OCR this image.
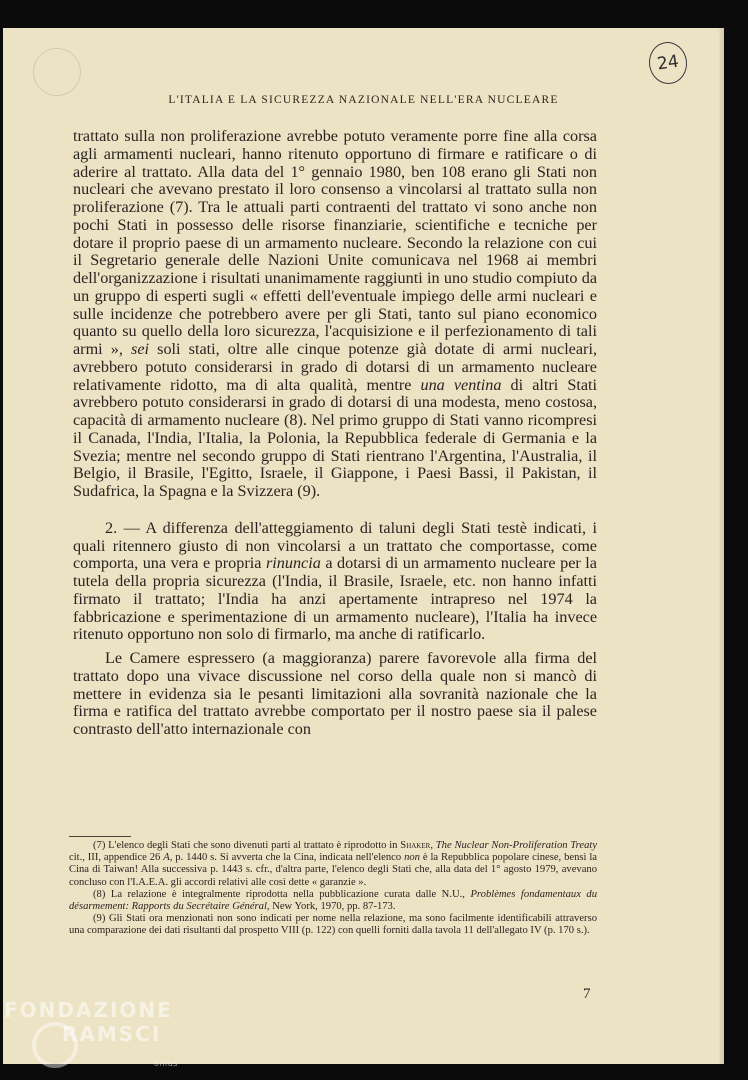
24
L'ITALIA E LA SICUREZZA NAZIONALE NELL'ERA NUCLEARE

trattato sulla non proliferazione avrebbe potuto veramente porre fine alla corsa agli armamenti nucleari, hanno ritenuto opportuno di firmare e ratificare o di aderire al trattato. Alla data del 1° gennaio 1980, ben 108 erano gli Stati non nucleari che avevano prestato il loro consenso a vincolarsi al trattato sulla non proliferazione (7). Tra le attuali parti contraenti del trattato vi sono anche non pochi Stati in possesso delle risorse finanziarie, scientifiche e tecniche per dotare il proprio paese di un armamento nucleare. Secondo la relazione con cui il Segretario generale delle Nazioni Unite comunicava nel 1968 ai membri dell'organizzazione i risultati unanimamente raggiunti in uno studio compiuto da un gruppo di esperti sugli « effetti dell'eventuale impiego delle armi nucleari e sulle incidenze che potrebbero avere per gli Stati, tanto sul piano economico quanto su quello della loro sicurezza, l'acquisizione e il perfezionamento di tali armi », sei soli stati, oltre alle cinque potenze già dotate di armi nucleari, avrebbero potuto considerarsi in grado di dotarsi di un armamento nucleare relativamente ridotto, ma di alta qualità, mentre una ventina di altri Stati avrebbero potuto considerarsi in grado di dotarsi di una modesta, meno costosa, capacità di armamento nucleare (8). Nel primo gruppo di Stati vanno ricompresi il Canada, l'India, l'Italia, la Polonia, la Repubblica federale di Germania e la Svezia; mentre nel secondo gruppo di Stati rientrano l'Argentina, l'Australia, il Belgio, il Brasile, l'Egitto, Israele, il Giappone, i Paesi Bassi, il Pakistan, il Sudafrica, la Spagna e la Svizzera (9).

2. — A differenza dell'atteggiamento di taluni degli Stati testè indicati, i quali ritennero giusto di non vincolarsi a un trattato che comportasse, come comporta, una vera e propria rinuncia a dotarsi di un armamento nucleare per la tutela della propria sicurezza (l'India, il Brasile, Israele, etc. non hanno infatti firmato il trattato; l'India ha anzi apertamente intrapreso nel 1974 la fabbricazione e sperimentazione di un armamento nucleare), l'Italia ha invece ritenuto opportuno non solo di firmarlo, ma anche di ratificarlo.

Le Camere espressero (a maggioranza) parere favorevole alla firma del trattato dopo una vivace discussione nel corso della quale non si mancò di mettere in evidenza sia le pesanti limitazioni alla sovranità nazionale che la firma e ratifica del trattato avrebbe comportato per il nostro paese sia il palese contrasto dell'atto internazionale con

(7) L'elenco degli Stati che sono divenuti parti al trattato è riprodotto in Shaker, The Nuclear Non-Proliferation Treaty cit., III, appendice 26 A, p. 1440 s. Si avverta che la Cina, indicata nell'elenco non è la Repubblica popolare cinese, bensì la Cina di Taiwan! Alla successiva p. 1443 s. cfr., d'altra parte, l'elenco degli Stati che, alla data del 1° agosto 1979, avevano concluso con l'I.A.E.A. gli accordi relativi alle così dette « garanzie ».

(8) La relazione è integralmente riprodotta nella pubblicazione curata dalle N.U., Problèmes fondamentaux du désarmement: Rapports du Secrétaire Général, New York, 1970, pp. 87-173.

(9) Gli Stati ora menzionati non sono indicati per nome nella relazione, ma sono facilmente identificabili attraverso una comparazione dei dati risultanti dal prospetto VIII (p. 122) con quelli forniti dalla tavola 11 dell'allegato IV (p. 170 s.).

7
FONDAZIONE
RAMSCI
onlus
